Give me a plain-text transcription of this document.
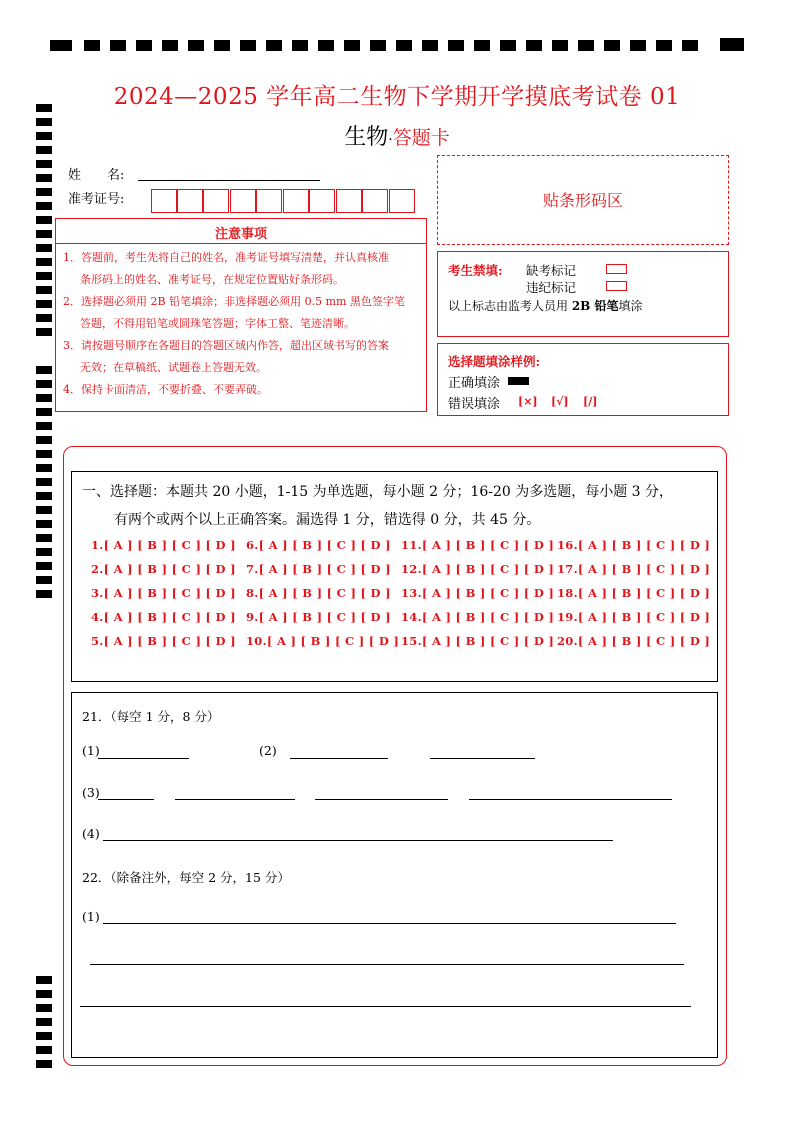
2024—2025 学年高二生物下学期开学摸底考试卷 01
生物·答题卡
姓　　名:
准考证号:	贴条形码区
注意事项
1．答题前，考生先将自己的姓名，准考证号填写清楚，并认真核准
条形码上的姓名、准考证号，在规定位置贴好条形码。
2．选择题必须用 2B 铅笔填涂；非选择题必须用 0.5 mm 黑色签字笔
答题，不得用铅笔或圆珠笔答题；字体工整、笔迹清晰。
3．请按题号顺序在各题目的答题区域内作答，超出区域书写的答案
无效；在草稿纸、试题卷上答题无效。
4．保持卡面清洁，不要折叠、不要弄破。
考生禁填: 缺考标记
违纪标记
以上标志由监考人员用 2B 铅笔填涂
选择题填涂样例:
正确填涂
错误填涂 [×] [√] [/]
一、选择题：本题共 20 小题，1-15 为单选题，每小题 2 分；16-20 为多选题，每小题 3 分，
有两个或两个以上正确答案。漏选得 1 分，错选得 0 分，共 45 分。
1.[ A ] [ B ] [ C ] [ D ]
2.[ A ] [ B ] [ C ] [ D ]
3.[ A ] [ B ] [ C ] [ D ]
4.[ A ] [ B ] [ C ] [ D ]
5.[ A ] [ B ] [ C ] [ D ]
6.[ A ] [ B ] [ C ] [ D ]
7.[ A ] [ B ] [ C ] [ D ]
8.[ A ] [ B ] [ C ] [ D ]
9.[ A ] [ B ] [ C ] [ D ]
10.[ A ] [ B ] [ C ] [ D ]
11.[ A ] [ B ] [ C ] [ D ]
12.[ A ] [ B ] [ C ] [ D ]
13.[ A ] [ B ] [ C ] [ D ]
14.[ A ] [ B ] [ C ] [ D ]
15.[ A ] [ B ] [ C ] [ D ]
16.[ A ] [ B ] [ C ] [ D ]
17.[ A ] [ B ] [ C ] [ D ]
18.[ A ] [ B ] [ C ] [ D ]
19.[ A ] [ B ] [ C ] [ D ]
20.[ A ] [ B ] [ C ] [ D ]
21．（每空 1 分，8 分）
(1)	(2)
(3)
(4)
22．（除备注外，每空 2 分，15 分）
(1)
